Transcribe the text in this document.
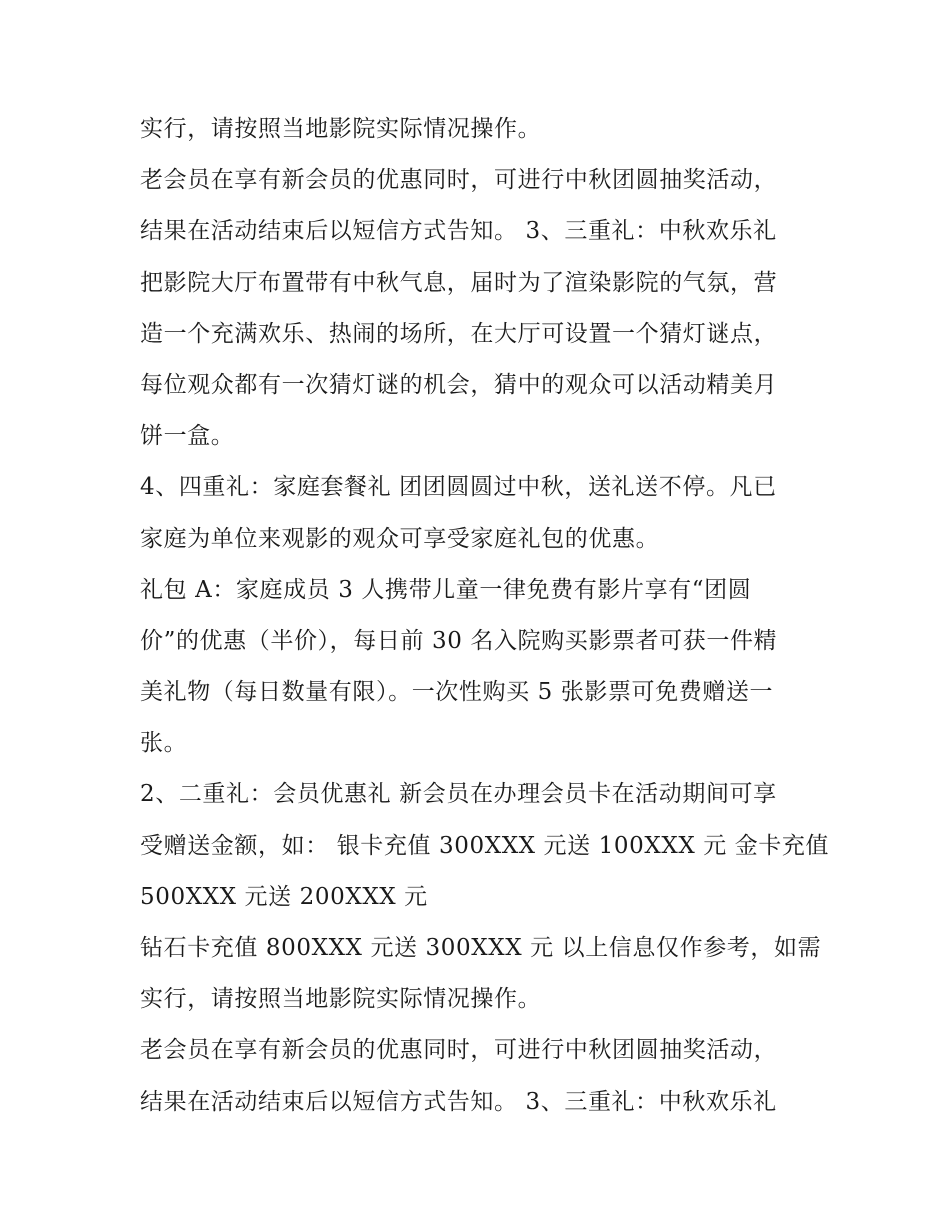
实行，请按照当地影院实际情况操作。
老会员在享有新会员的优惠同时，可进行中秋团圆抽奖活动，
结果在活动结束后以短信方式告知。 3、三重礼：中秋欢乐礼
把影院大厅布置带有中秋气息，届时为了渲染影院的气氛，营
造一个充满欢乐、热闹的场所，在大厅可设置一个猜灯谜点，
每位观众都有一次猜灯谜的机会，猜中的观众可以活动精美月
饼一盒。
4、四重礼：家庭套餐礼 团团圆圆过中秋，送礼送不停。凡已
家庭为单位来观影的观众可享受家庭礼包的优惠。
礼包 A：家庭成员 3 人携带儿童一律免费有影片享有“团圆
价”的优惠（半价），每日前 30 名入院购买影票者可获一件精
美礼物（每日数量有限）。一次性购买 5 张影票可免费赠送一
张。
2、二重礼：会员优惠礼 新会员在办理会员卡在活动期间可享
受赠送金额，如： 银卡充值 300XXX 元送 100XXX 元 金卡充值
500XXX 元送 200XXX 元
钻石卡充值 800XXX 元送 300XXX 元 以上信息仅作参考，如需
实行，请按照当地影院实际情况操作。
老会员在享有新会员的优惠同时，可进行中秋团圆抽奖活动，
结果在活动结束后以短信方式告知。 3、三重礼：中秋欢乐礼
